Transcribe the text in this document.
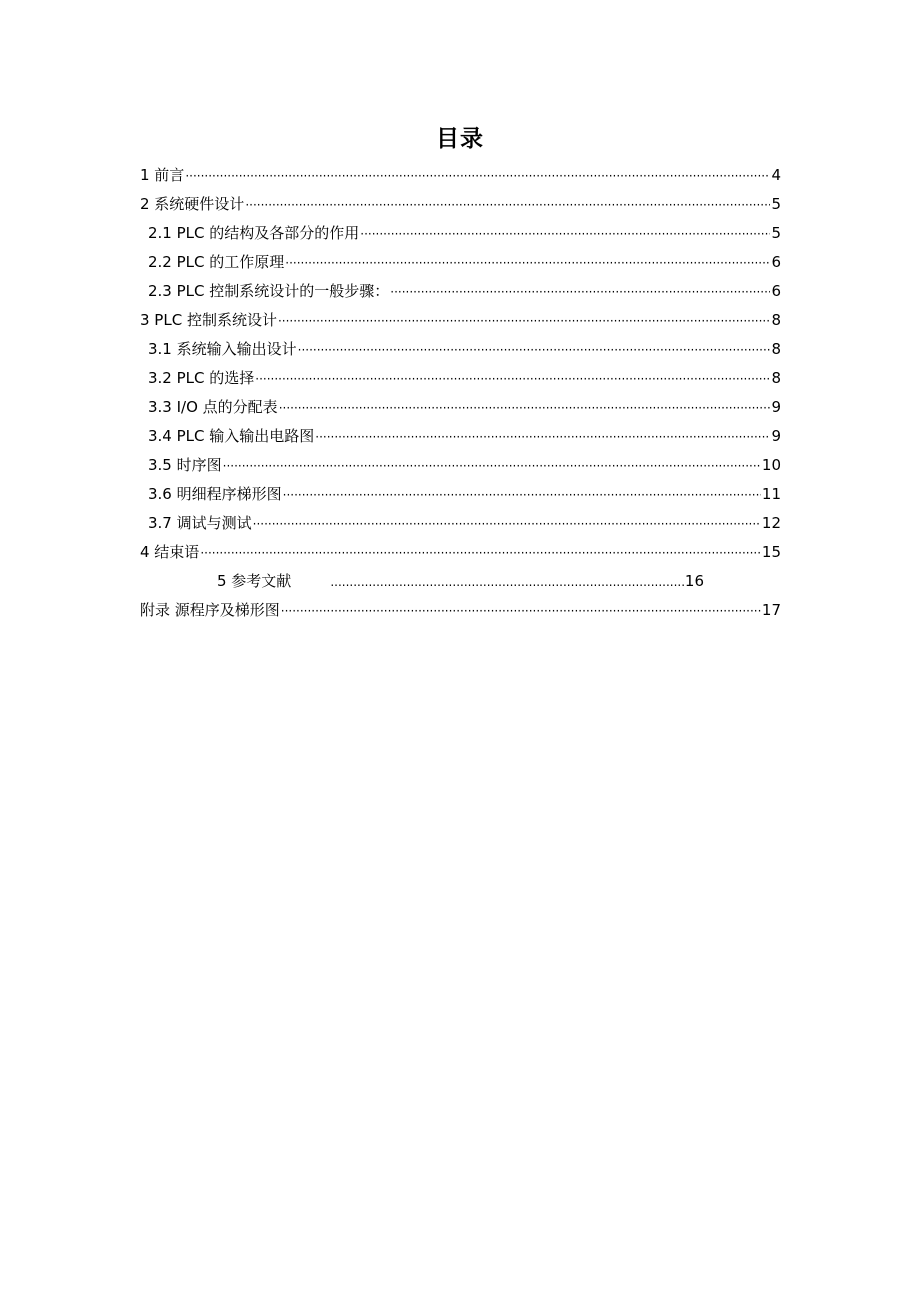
目录
1 前言 ·····	4
2 系统硬件设计 ·····	5
2.1 PLC 的结构及各部分的作用 ·····	5
2.2 PLC 的工作原理 ·····	6
2.3 PLC 控制系统设计的一般步骤： ·····	6
3 PLC 控制系统设计 ·····	8
3.1 系统输入输出设计 ·····	8
3.2 PLC 的选择 ·····	8
3.3 I/O 点的分配表 ·····	9
3.4 PLC 输入输出电路图 ·····	9
3.5 时序图 ·····	10
3.6 明细程序梯形图 ·····	11
3.7 调试与测试 ·····	12
4 结束语 ·····	15
5 参考文献 .....	16
附录 源程序及梯形图 ·····	17
